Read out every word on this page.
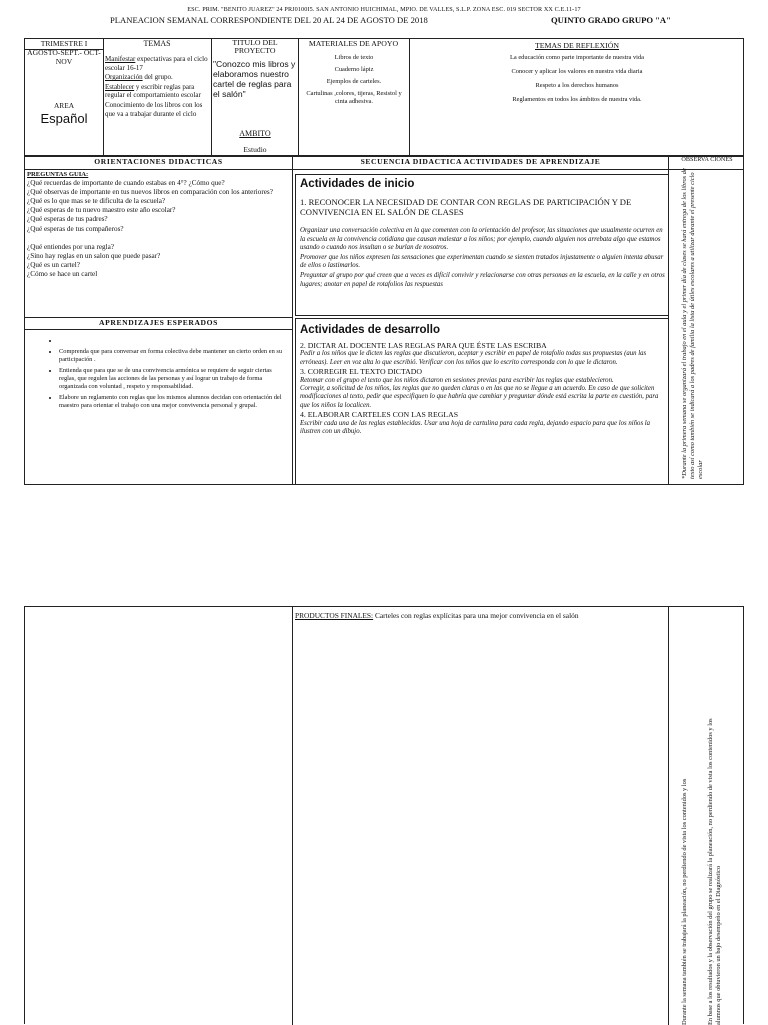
ESC. PRIM. "BENITO JUAREZ" 24 PRJ0100I5. SAN ANTONIO HUICHIMAL, MPIO. DE VALLES, S.L.P. ZONA ESC. 019 SECTOR XX C.E.11-17
PLANEACION SEMANAL CORRESPONDIENTE DEL 20 AL 24 DE AGOSTO DE 2018	QUINTO GRADO GRUPO "A"
TRIMESTRE I AGOSTO-SEPT.- OCT- NOV
AREA
Español
TEMAS
Manifestar expectativas para el ciclo escolar 16-17
Organización del grupo.
Establecer y escribir reglas para regular el comportamiento escolar
Conocimiento de los libros con los que va a trabajar durante el ciclo
TITULO DEL PROYECTO
"Conozco mis libros y elaboramos nuestro cartel de reglas para el salón"
AMBITO
Estudio
MATERIALES DE APOYO
Libros de texto
Cuaderno lápiz
Ejemplos de carteles.
Cartulinas ,colores, tijeras, Resistol y cinta adhesiva.
TEMAS DE REFLEXIÓN
La educación como parte importante de nuestra vida
Conocer y aplicar los valores en nuestra vida diaria
Respeto a los derechos humanos
Reglamentos en todos los ámbitos de nuestra vida.
ORIENTACIONES DIDACTICAS	SECUENCIA DIDACTICA ACTIVIDADES DE APRENDIZAJE	OBSERVA CIONES
PREGUNTAS GUIA:
¿Qué recuerdas de importante de cuando estabas en 4°? ¿Cómo que?
¿Qué observas de importante en tus nuevos libros en comparación con los anteriores?
¿Qué es lo que mas se te dificulta de la escuela?
¿Qué esperas de tu nuevo maestro este año escolar?
¿Qué esperas de tus padres?
¿Qué esperas de tus compañeros?
¿Qué entiendes por una regla?
¿Sino hay reglas en un salon que puede pasar?
¿Qué es un cartel?
¿Cómo se hace un cartel
APRENDIZAJES ESPERADOS
•
• Comprenda que para conversar en forma colectiva debe mantener un cierto orden en su participación .
• Entienda que para que se de una convivencia armónica se requiere de seguir ciertas reglas, que regulen las acciones de las personas y así lograr un trabajo de forma organizada con voluntad , respeto y responsabilidad.
• Elabore un reglamento con reglas que los mismos alumnos decidan con orientación del maestro para orientar el trabajo con una mejor convivencia personal y grupal.
Actividades de inicio
1. RECONOCER LA NECESIDAD DE CONTAR CON REGLAS DE PARTICIPACIÓN Y DE CONVIVENCIA EN EL SALÓN DE CLASES
Organizar una conversación colectiva en la que comenten con la orientación del profesor, las situaciones que usualmente ocurren en la escuela en la convivencia cotidiana que causan malestar a los niños; por ejemplo, cuando alguien nos arrebata algo que estamos usando o cuando nos insultan o se burlan de nosotros.
Promover que los niños expresen las sensaciones que experimentan cuando se sienten tratados injustamente o alguien intenta abusar de ellos o lastimarlos.
Preguntar al grupo por qué creen que a veces es difícil convivir y relacionarse con otras personas en la escuela, en la calle y en otros lugares; anotar en papel de rotafolios las respuestas
Actividades de desarrollo
2. DICTAR AL DOCENTE LAS REGLAS PARA QUE ÉSTE LAS ESCRIBA
Pedir a los niños que le dicten las reglas que discutieron, aceptar y escribir en papel de rotafolio todas sus propuestas (aun las erróneas). Leer en voz alta lo que escribió. Verificar con los niños que lo escrito corresponda con lo que le dictaron.
3. CORREGIR EL TEXTO DICTADO
Retomar con el grupo el texto que los niños dictaron en sesiones previas para escribir las reglas que establecieron.
Corregir, a solicitud de los niños, las reglas que no queden claras o en las que no se llegue a un acuerdo. En caso de que soliciten modificaciones al texto, pedir que especifiquen lo que habría que cambiar y preguntar dónde está escrita la parte en cuestión, para que los niños la localicen.
4. ELABORAR CARTELES CON LAS REGLAS
Escribir cada una de las reglas establecidas. Usar una hoja de cartulina para cada regla, dejando espacio para que los niños la ilustren con un dibujo.	*Durante la primera semana se organizará el trabajo en el aula y el primer día de clases se hará entrega de los libros de texto así como también se indicará a los padres de familia la lista de útiles escolares a utilizar durante el presente ciclo escolar
PRODUCTOS FINALES: Carteles con reglas explícitas para una mejor convivencia en el salón
Durante la semana también se trabajará la planeación, no perdiendo de vista los contenidos y los	En base a los resultados y la observación del grupo se realizará la planeación, no perdiendo de vista los contenidos y los alumnos que obtuvieron un bajo desempeño en el Diagnóstico
